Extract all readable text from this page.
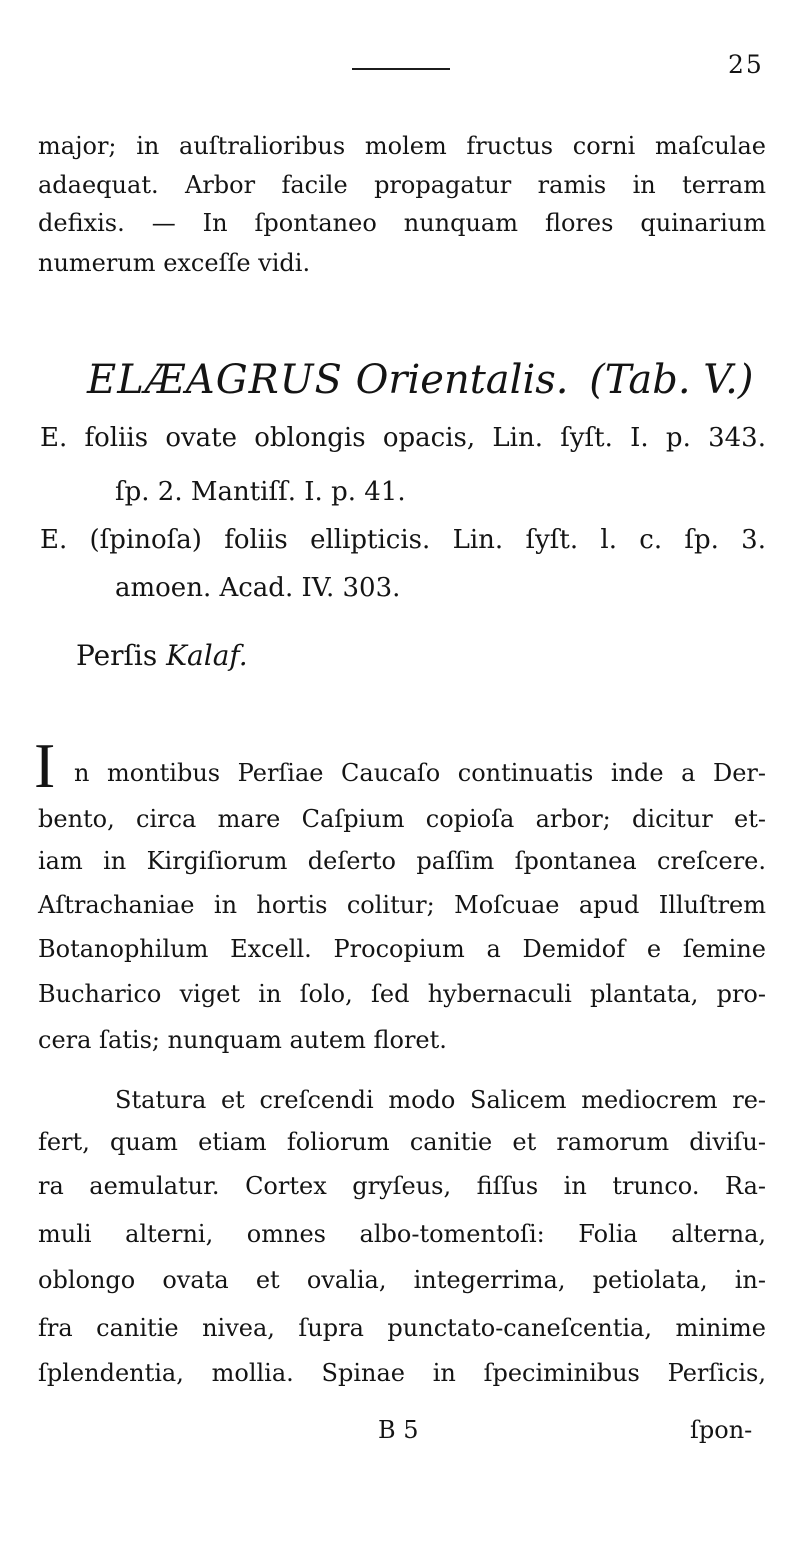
25
major; in auſtralioribus molem fructus corni maſculae
adaequat. Arbor facile propagatur ramis in terram
defixis. — In ſpontaneo nunquam flores quinarium
numerum exceſſe vidi.
ELÆAGRUS Orientalis. (Tab. V.)
E. foliis ovate oblongis opacis, Lin. ſyſt. I. p. 343.
ſp. 2. Mantiſſ. I. p. 41.
E. (ſpinoſa) foliis ellipticis. Lin. ſyſt. l. c. ſp. 3.
amoen. Acad. IV. 303.
Perſis Kalaf.
I n montibus Perſiae Caucaſo continuatis inde a Der-
bento, circa mare Caſpium copioſa arbor; dicitur et-
iam in Kirgiſiorum deſerto paſſim ſpontanea creſcere.
Aſtrachaniae in hortis colitur; Moſcuae apud Illuſtrem
Botanophilum Excell. Procopium a Demidof e ſemine
Bucharico viget in ſolo, ſed hybernaculi plantata, pro-
cera ſatis; nunquam autem floret.
Statura et creſcendi modo Salicem mediocrem re-
fert, quam etiam foliorum canitie et ramorum diviſu-
ra aemulatur. Cortex gryſeus, fiſſus in trunco. Ra-
muli alterni, omnes albo-tomentoſi: Folia alterna,
oblongo ovata et ovalia, integerrima, petiolata, in-
fra canitie nivea, ſupra punctato-caneſcentia, minime
ſplendentia, mollia. Spinae in ſpeciminibus Perſicis,
B 5	ſpon-
